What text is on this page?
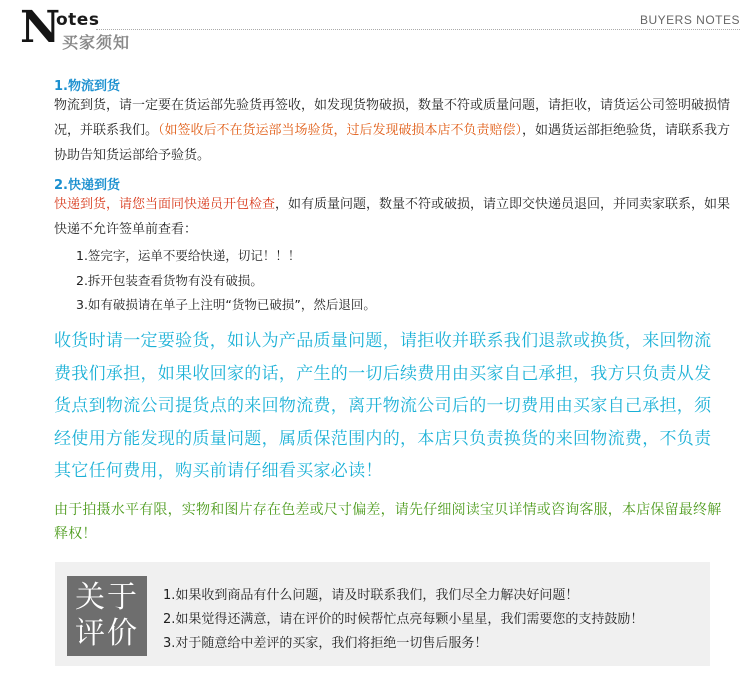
N
otes
买家须知
BUYERS NOTES
1.物流到货
物流到货，请一定要在货运部先验货再签收，如发现货物破损，数量不符或质量问题，请拒收，请货运公司签明破损情况，并联系我们。（如签收后不在货运部当场验货，过后发现破损本店不负责赔偿），如遇货运部拒绝验货，请联系我方协助告知货运部给予验货。
2.快递到货
快递到货，请您当面同快递员开包检查，如有质量问题，数量不符或破损，请立即交快递员退回，并同卖家联系，如果快递不允许签单前查看：
1.签完字，运单不要给快递，切记！！！
2.拆开包装查看货物有没有破损。
3.如有破损请在单子上注明“货物已破损”，然后退回。
收货时请一定要验货，如认为产品质量问题，请拒收并联系我们退款或换货，来回物流费我们承担，如果收回家的话，产生的一切后续费用由买家自己承担，我方只负责从发货点到物流公司提货点的来回物流费，离开物流公司后的一切费用由买家自己承担，须经使用方能发现的质量问题，属质保范围内的，本店只负责换货的来回物流费，不负责其它任何费用，购买前请仔细看买家必读！
由于拍摄水平有限，实物和图片存在色差或尺寸偏差，请先仔细阅读宝贝详情或咨询客服，本店保留最终解释权！
关于
评价
1.如果收到商品有什么问题，请及时联系我们，我们尽全力解决好问题！
2.如果觉得还满意，请在评价的时候帮忙点亮每颗小星星，我们需要您的支持鼓励！
3.对于随意给中差评的买家，我们将拒绝一切售后服务！
